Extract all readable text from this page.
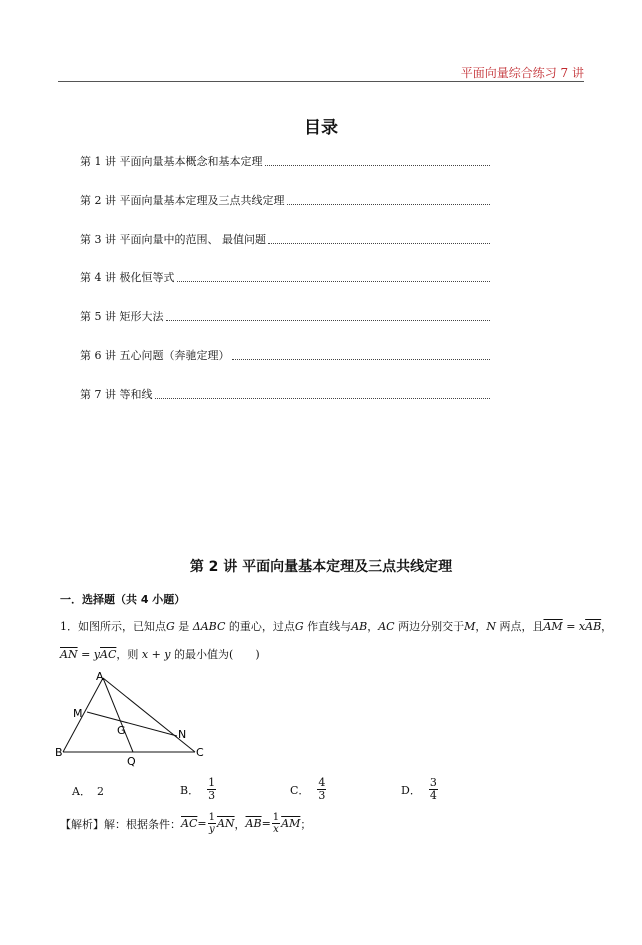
平面向量综合练习 7 讲
目录
第 1 讲 平面向量基本概念和基本定理
第 2 讲 平面向量基本定理及三点共线定理
第 3 讲 平面向量中的范围、 最值问题
第 4 讲 极化恒等式
第 5 讲 矩形大法
第 6 讲 五心问题（奔驰定理）
第 7 讲 等和线
第 2 讲 平面向量基本定理及三点共线定理
一．选择题（共 4 小题）
1．如图所示，已知点G 是 ΔABC 的重心，过点G 作直线与AB，AC 两边分别交于M，N 两点，且$\overline{AM} = x\overline{AB}$，
$\overline{AN} = y\overline{AC}$，则 x + y 的最小值为(　　)
A
M
G	N
B
Q
C
A． 2	B． $\frac{1}{3}$	C． $\frac{4}{3}$	D． $\frac{3}{4}$
【解析】解：根据条件： $\overline{AC} = \frac{1}{y} \overline{AN}$ ， $\overline{AB} = \frac{1}{x} \overline{AM}$ ；
